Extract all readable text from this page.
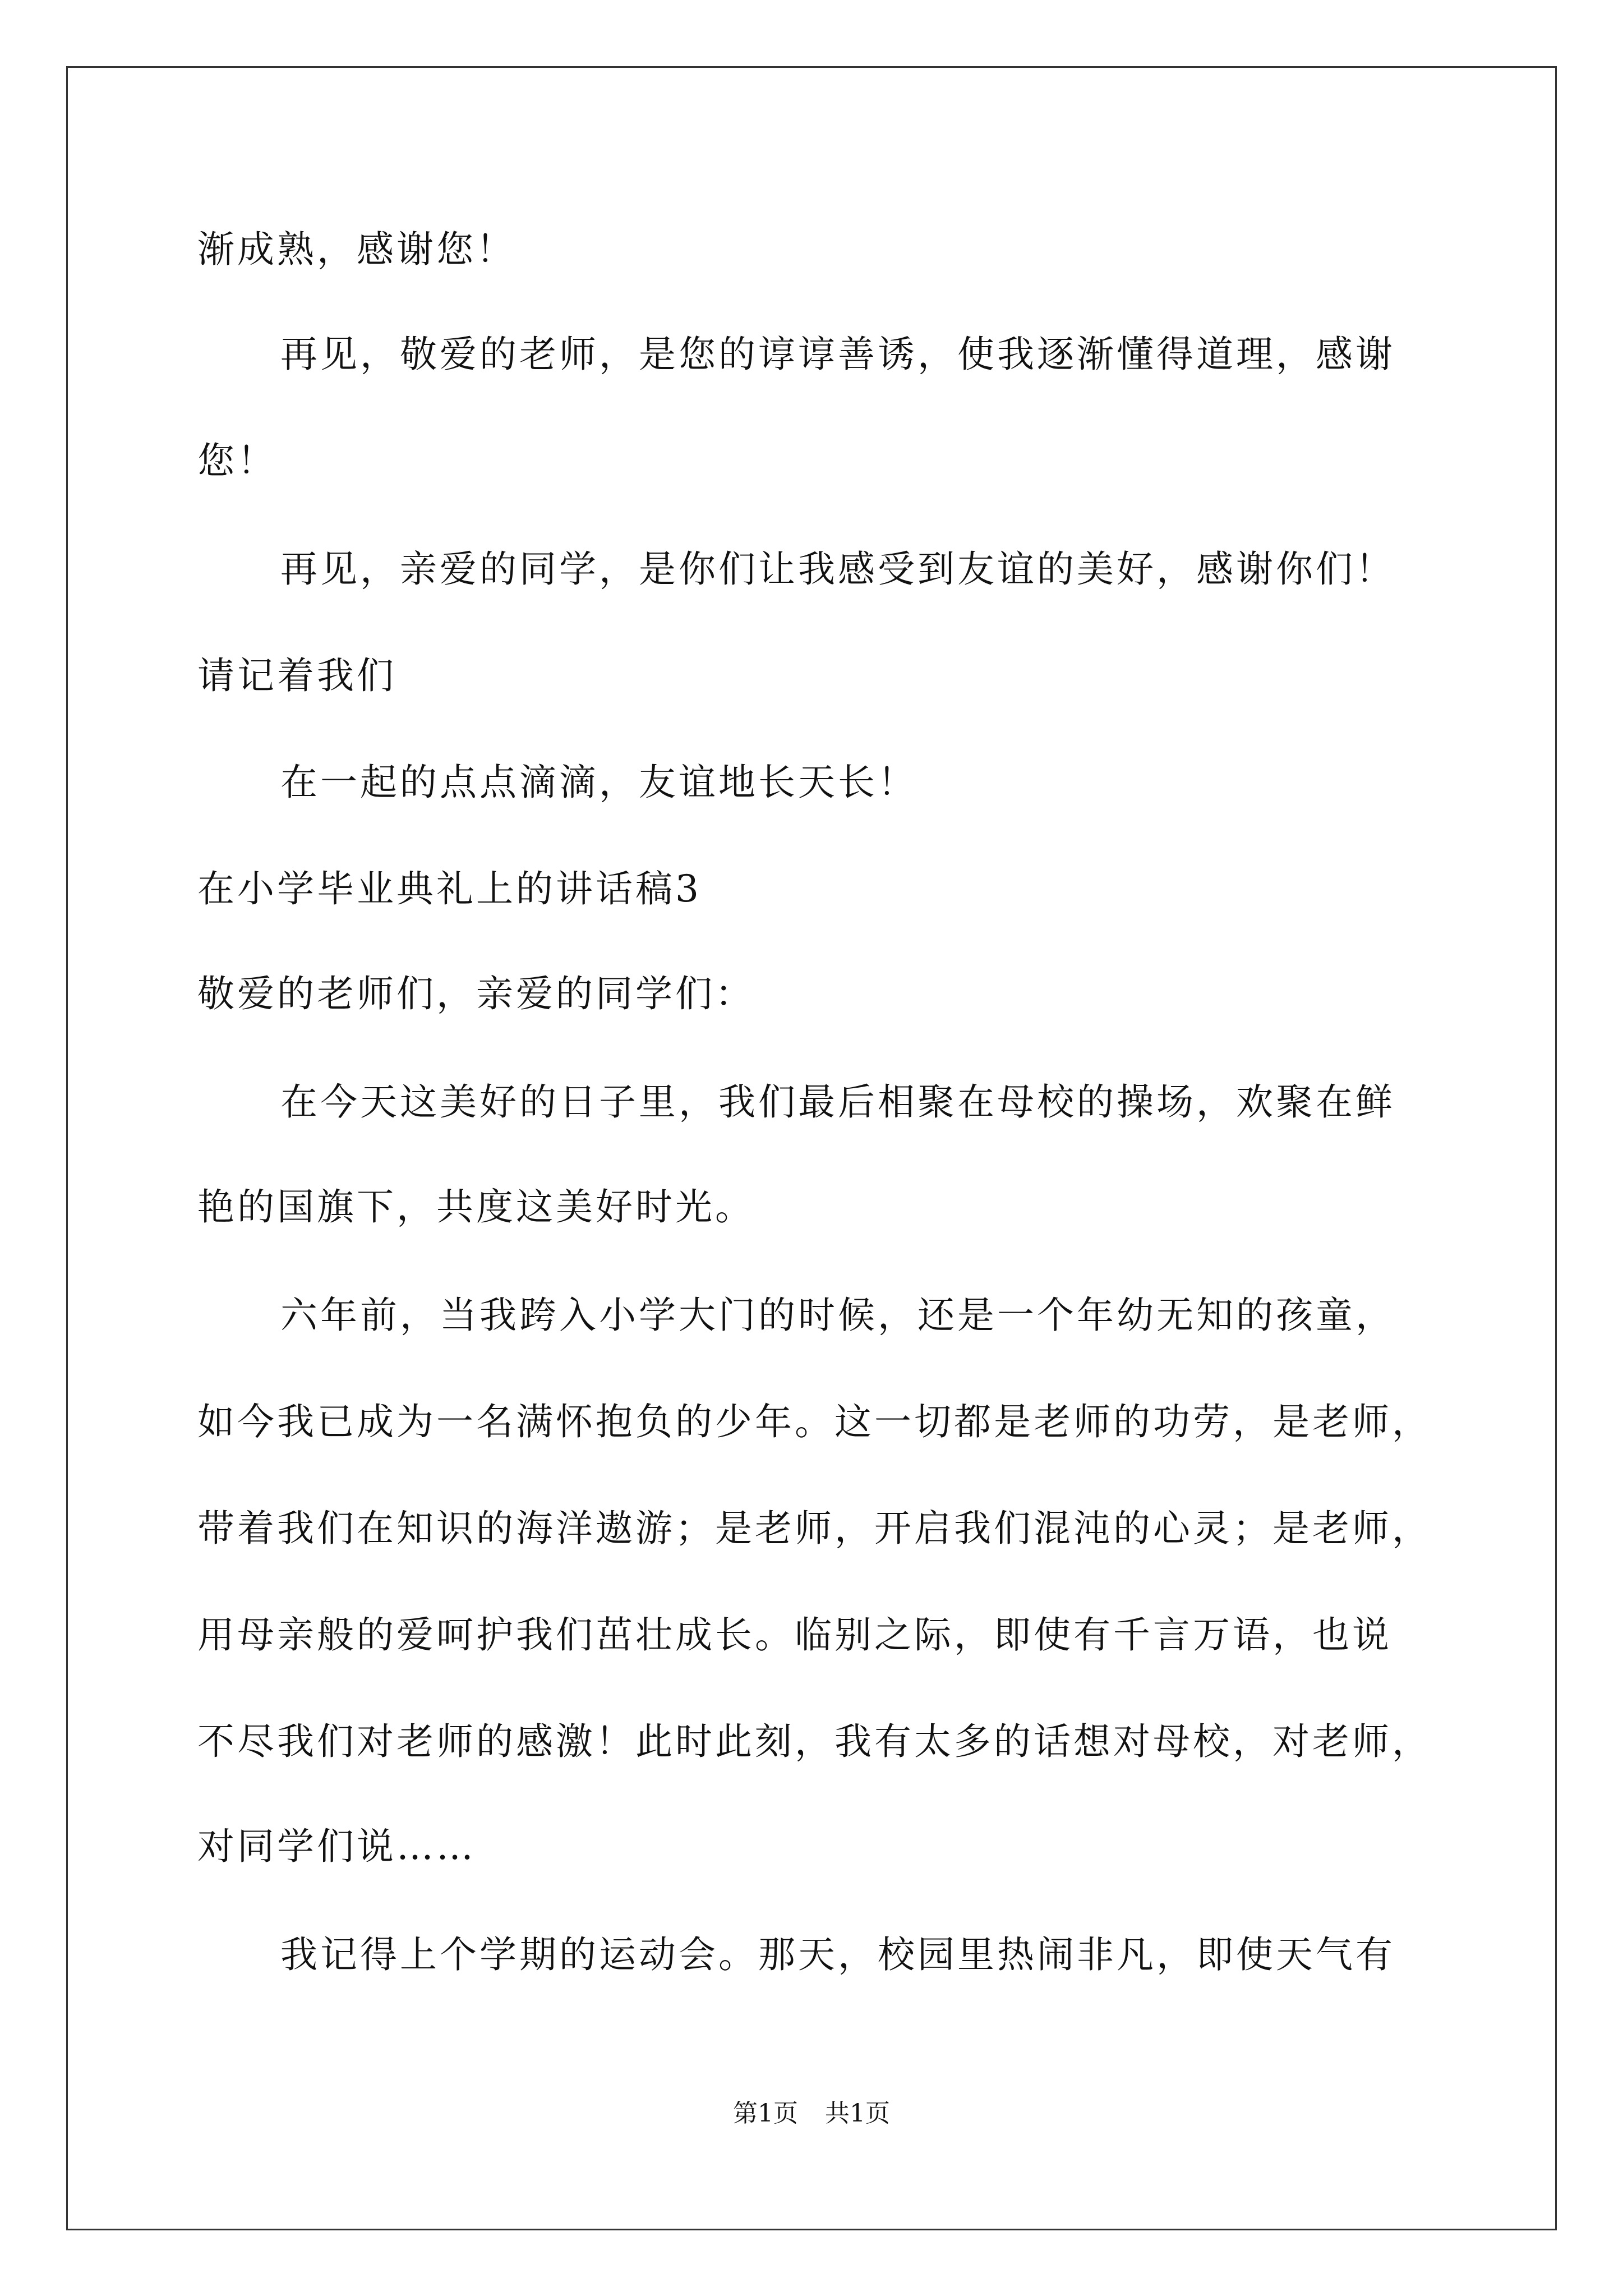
渐成熟，感谢您！
再见，敬爱的老师，是您的谆谆善诱，使我逐渐懂得道理，感谢
您！
再见，亲爱的同学，是你们让我感受到友谊的美好，感谢你们！
请记着我们
在一起的点点滴滴，友谊地长天长！
在小学毕业典礼上的讲话稿3
敬爱的老师们，亲爱的同学们：
在今天这美好的日子里，我们最后相聚在母校的操场，欢聚在鲜
艳的国旗下，共度这美好时光。
六年前，当我跨入小学大门的时候，还是一个年幼无知的孩童，
如今我已成为一名满怀抱负的少年。这一切都是老师的功劳，是老师，
带着我们在知识的海洋遨游；是老师，开启我们混沌的心灵；是老师，
用母亲般的爱呵护我们茁壮成长。临别之际，即使有千言万语，也说
不尽我们对老师的感激！此时此刻，我有太多的话想对母校，对老师，
对同学们说……
我记得上个学期的运动会。那天，校园里热闹非凡，即使天气有
第1页 共1页
